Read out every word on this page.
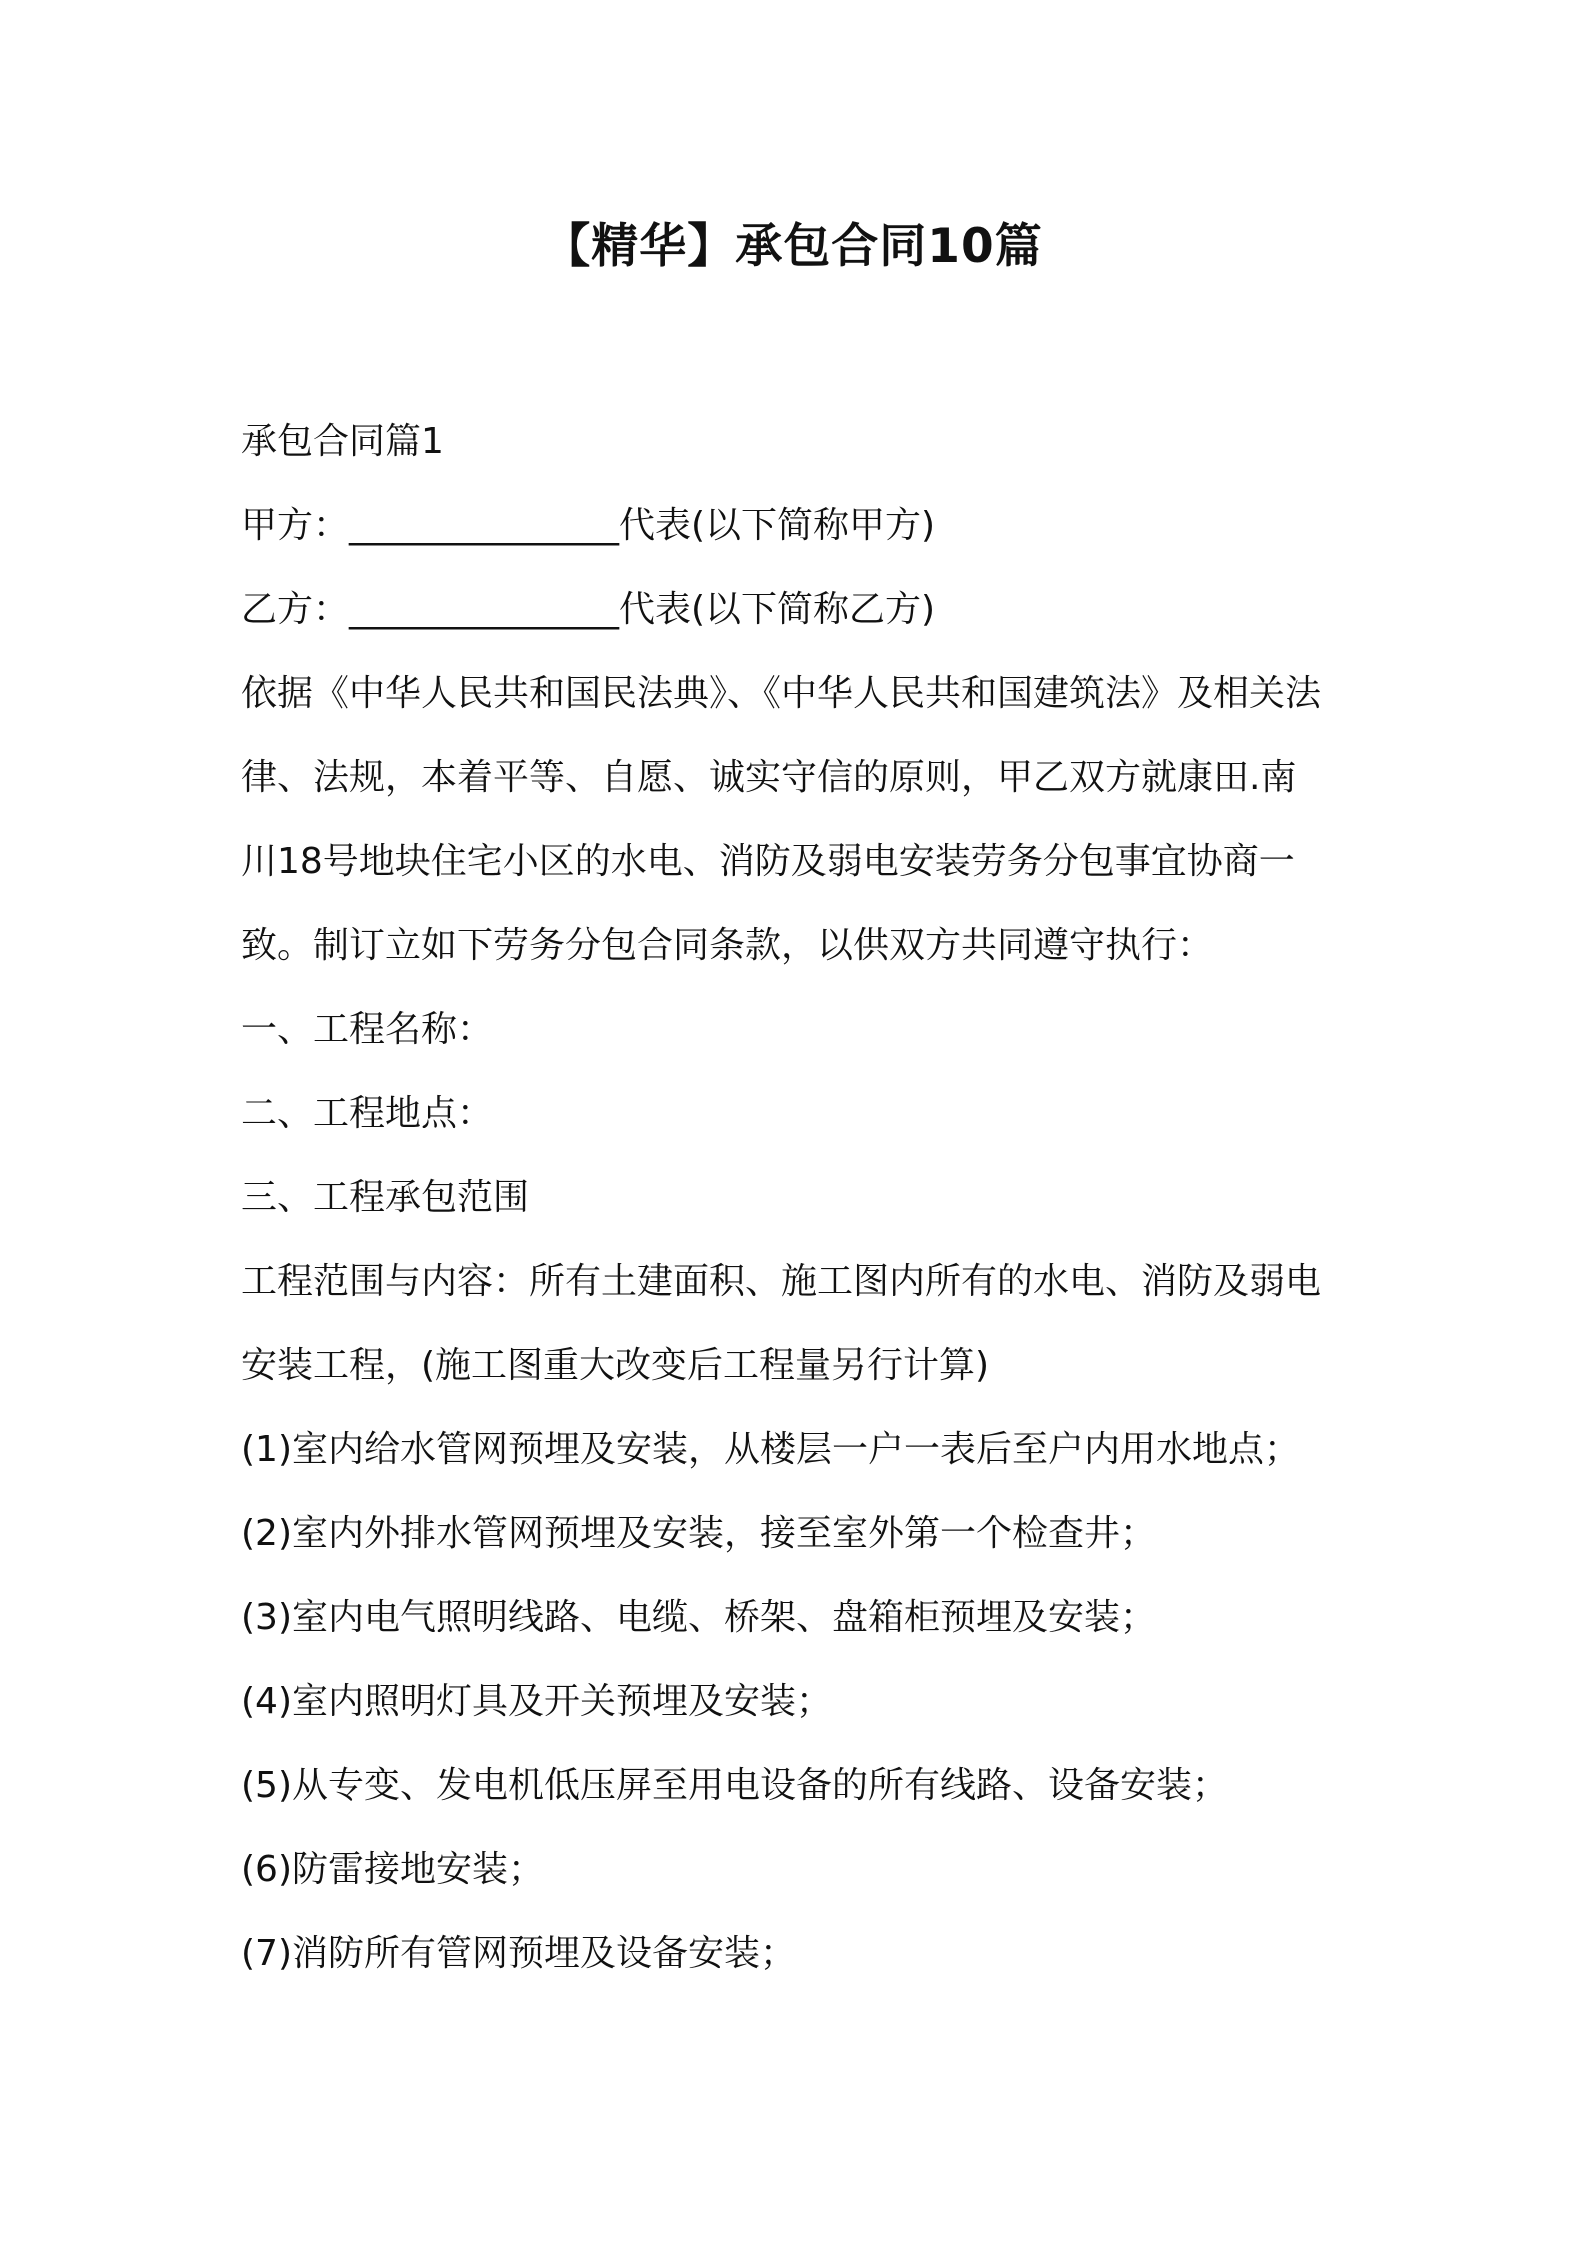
【精华】承包合同10篇
承包合同篇1
甲方：_______________代表(以下简称甲方)
乙方：_______________代表(以下简称乙方)
依据《中华人民共和国民法典》、《中华人民共和国建筑法》及相关法
律、法规，本着平等、自愿、诚实守信的原则，甲乙双方就康田.南
川18号地块住宅小区的水电、消防及弱电安装劳务分包事宜协商一
致。制订立如下劳务分包合同条款，以供双方共同遵守执行：
一、工程名称：
二、工程地点：
三、工程承包范围
工程范围与内容：所有土建面积、施工图内所有的水电、消防及弱电
安装工程，(施工图重大改变后工程量另行计算)
(1)室内给水管网预埋及安装，从楼层一户一表后至户内用水地点；
(2)室内外排水管网预埋及安装，接至室外第一个检查井；
(3)室内电气照明线路、电缆、桥架、盘箱柜预埋及安装；
(4)室内照明灯具及开关预埋及安装；
(5)从专变、发电机低压屏至用电设备的所有线路、设备安装；
(6)防雷接地安装；
(7)消防所有管网预埋及设备安装；
